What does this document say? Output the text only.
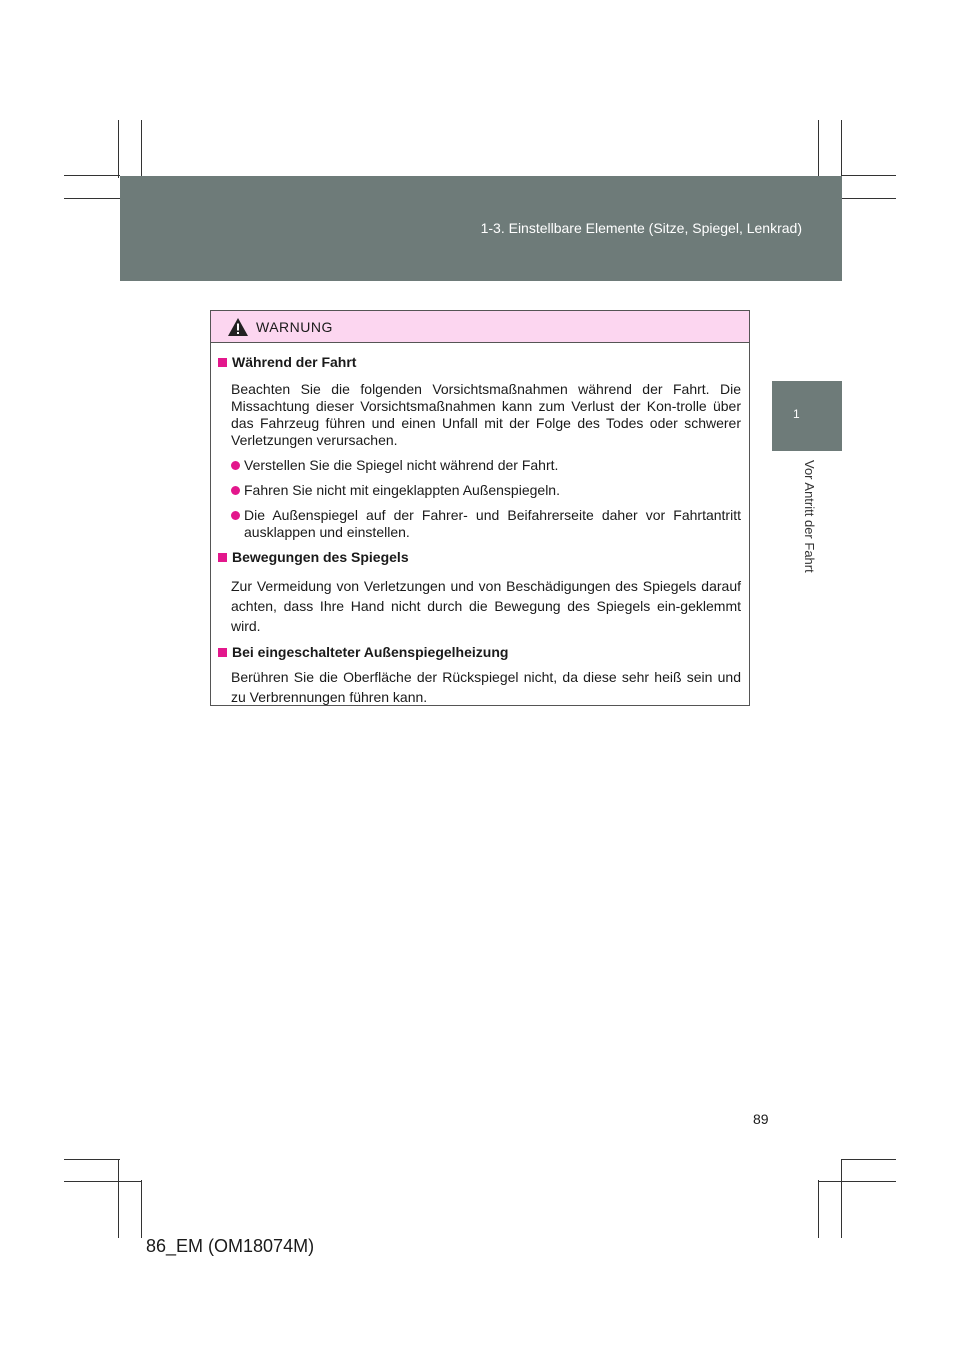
1-3. Einstellbare Elemente (Sitze, Spiegel, Lenkrad)
1
Vor Antritt der Fahrt
WARNUNG
Während der Fahrt
Beachten Sie die folgenden Vorsichtsmaßnahmen während der Fahrt. Die Missachtung dieser Vorsichtsmaßnahmen kann zum Verlust der Kon-trolle über das Fahrzeug führen und einen Unfall mit der Folge des Todes oder schwerer Verletzungen verursachen.
Verstellen Sie die Spiegel nicht während der Fahrt.
Fahren Sie nicht mit eingeklappten Außenspiegeln.
Die Außenspiegel auf der Fahrer- und Beifahrerseite daher vor Fahrtantritt ausklappen und einstellen.
Bewegungen des Spiegels
Zur Vermeidung von Verletzungen und von Beschädigungen des Spiegels darauf achten, dass Ihre Hand nicht durch die Bewegung des Spiegels ein-geklemmt wird.
Bei eingeschalteter Außenspiegelheizung
Berühren Sie die Oberfläche der Rückspiegel nicht, da diese sehr heiß sein und zu Verbrennungen führen kann.
89
86_EM (OM18074M)
